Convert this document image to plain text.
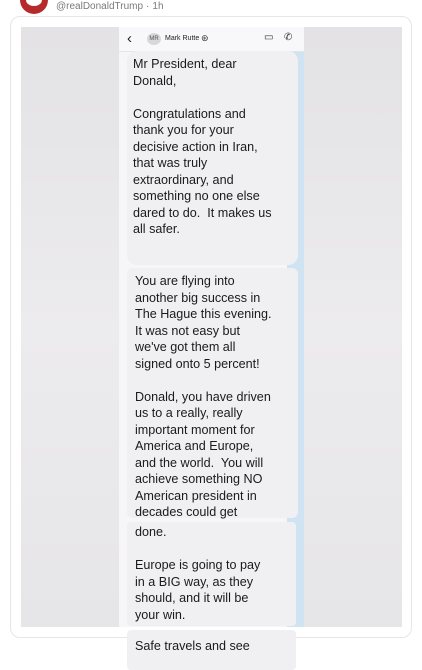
@realDonaldTrump · 1h
‹	MR Mark Rutte ⊛	▭ ✆
Mr President, dear
Donald,

Congratulations and
thank you for your
decisive action in Iran,
that was truly
extraordinary, and
something no one else
dared to do.  It makes us
all safer.
You are flying into
another big success in
The Hague this evening.
It was not easy but
we've got them all
signed onto 5 percent!

Donald, you have driven
us to a really, really
important moment for
America and Europe,
and the world.  You will
achieve something NO
American president in
decades could get
done.

Europe is going to pay
in a BIG way, as they
should, and it will be
your win.
Safe travels and see
